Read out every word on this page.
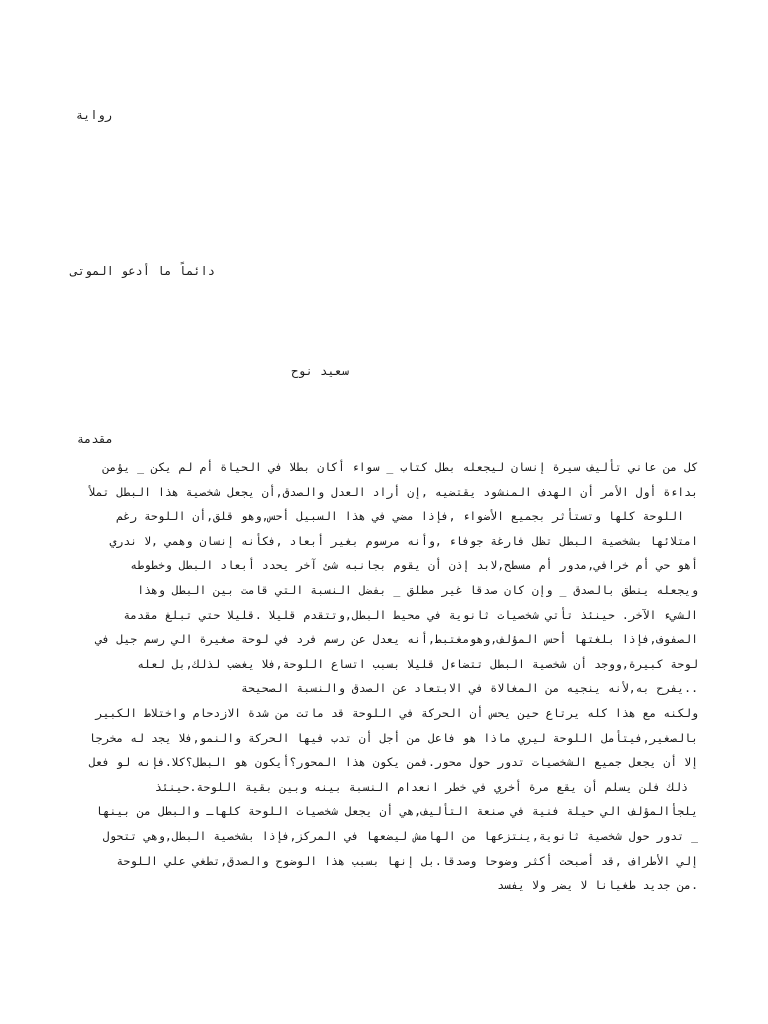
رواية
دائماً ما أدعو الموتى
سعيد نوح
مقدمة
كل من عاني تأليف سيرة إنسان ليجعله بطل كتاب _ سواء أكان بطلا في الحياة أم لم يكن _ يؤمن
بداءة أول الأمر أن الهدف المنشود يقتضيه ,إن أراد العدل والصدق,أن يجعل شخصية هذا البطل تملأ
اللوحة كلها وتستأثر بجميع الأضواء ,فإذا مضي في هذا السبيل أحس,وهو قلق,أن اللوحة رغم
امتلائها بشخصية البطل تظل فارغة جوفاء ,وأنه مرسوم بغير أبعاد ,فكأنه إنسان وهمي ,لا ندري
أهو حي أم خرافي,مدور أم مسطح,لابد إذن أن يقوم بجانبه شئ آخر يحدد أبعاد البطل وخطوطه
ويجعله ينطق بالصدق _ وإن كان صدقا غير مطلق _ بفضل النسبة التي قامت بين البطل وهذا
الشيء الآخر. حينئذ تأتي شخصيات ثانوية في محيط البطل,وتتقدم قليلا .قليلا حتي تبلغ مقدمة
الصفوف,فإذا بلغتها أحس المؤلف,وهومغتبط,أنه يعدل عن رسم فرد في لوحة صغيرة الي رسم جيل في
لوحة كبيرة,ووجد أن شخصية البطل تتضاءل قليلا بسبب اتساع اللوحة,فلا يغضب لذلك,بل لعله
..يفرح به,لأنه ينجيه من المغالاة في الابتعاد عن الصدق والنسبة الصحيحة
ولكنه مع هذا كله يرتاع حين يحس أن الحركة في اللوحة قد ماتت من شدة الازدحام واختلاط الكبير
بالصغير,فيتأمل اللوحة ليري ماذا هو فاعل من أجل أن تدب فيها الحركة والنمو,فلا يجد له مخرجا
إلا أن يجعل جميع الشخصيات تدور حول محور.فمن يكون هذا المحور؟أيكون هو البطل؟كلا.فإنه لو فعل
ذلك فلن يسلم أن يقع مرة أخري في خطر انعدام النسبة بينه وبين بقية اللوحة.حينئذ
يلجأالمؤلف الي حيلة فنية في صنعة التأليف,هي أن يجعل شخصيات اللوحة كلهاـ والبطل من بينها
_ تدور حول شخصية ثانوية,ينتزعها من الهامش ليضعها في المركز,فإذا بشخصية البطل,وهي تتحول
إلي الأطراف ,قد أصبحت أكثر وضوحا وصدقا.بل إنها بسبب هذا الوضوح والصدق,تطغي علي اللوحة
.من جديد طغيانا لا يضر ولا يفسد
